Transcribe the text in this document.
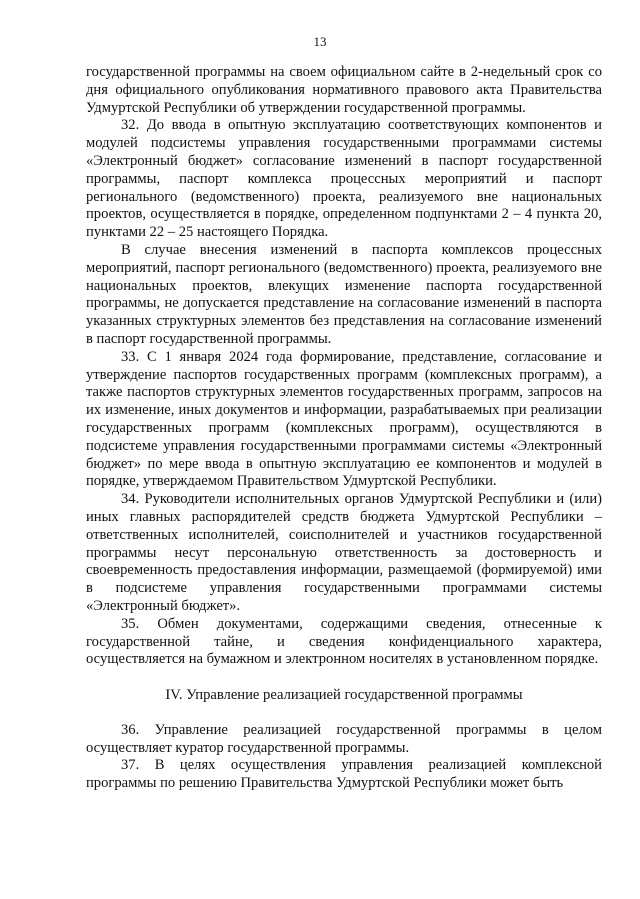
13

государственной программы на своем официальном сайте в 2-недельный срок со дня официального опубликования нормативного правового акта Правительства Удмуртской Республики об утверждении государственной программы.

32. До ввода в опытную эксплуатацию соответствующих компонентов и модулей подсистемы управления государственными программами системы «Электронный бюджет» согласование изменений в паспорт государственной программы, паспорт комплекса процессных мероприятий и паспорт регионального (ведомственного) проекта, реализуемого вне национальных проектов, осуществляется в порядке, определенном подпунктами 2 – 4 пункта 20, пунктами 22 – 25 настоящего Порядка.

В случае внесения изменений в паспорта комплексов процессных мероприятий, паспорт регионального (ведомственного) проекта, реализуемого вне национальных проектов, влекущих изменение паспорта государственной программы, не допускается представление на согласование изменений в паспорта указанных структурных элементов без представления на согласование изменений в паспорт государственной программы.

33. С 1 января 2024 года формирование, представление, согласование и утверждение паспортов государственных программ (комплексных программ), а также паспортов структурных элементов государственных программ, запросов на их изменение, иных документов и информации, разрабатываемых при реализации государственных программ (комплексных программ), осуществляются в подсистеме управления государственными программами системы «Электронный бюджет» по мере ввода в опытную эксплуатацию ее компонентов и модулей в порядке, утверждаемом Правительством Удмуртской Республики.

34. Руководители исполнительных органов Удмуртской Республики и (или) иных главных распорядителей средств бюджета Удмуртской Республики – ответственных исполнителей, соисполнителей и участников государственной программы несут персональную ответственность за достоверность и своевременность предоставления информации, размещаемой (формируемой) ими в подсистеме управления государственными программами системы «Электронный бюджет».

35. Обмен документами, содержащими сведения, отнесенные к государственной тайне, и сведения конфиденциального характера, осуществляется на бумажном и электронном носителях в установленном порядке.

IV. Управление реализацией государственной программы

36. Управление реализацией государственной программы в целом осуществляет куратор государственной программы.

37. В целях осуществления управления реализацией комплексной программы по решению Правительства Удмуртской Республики может быть
